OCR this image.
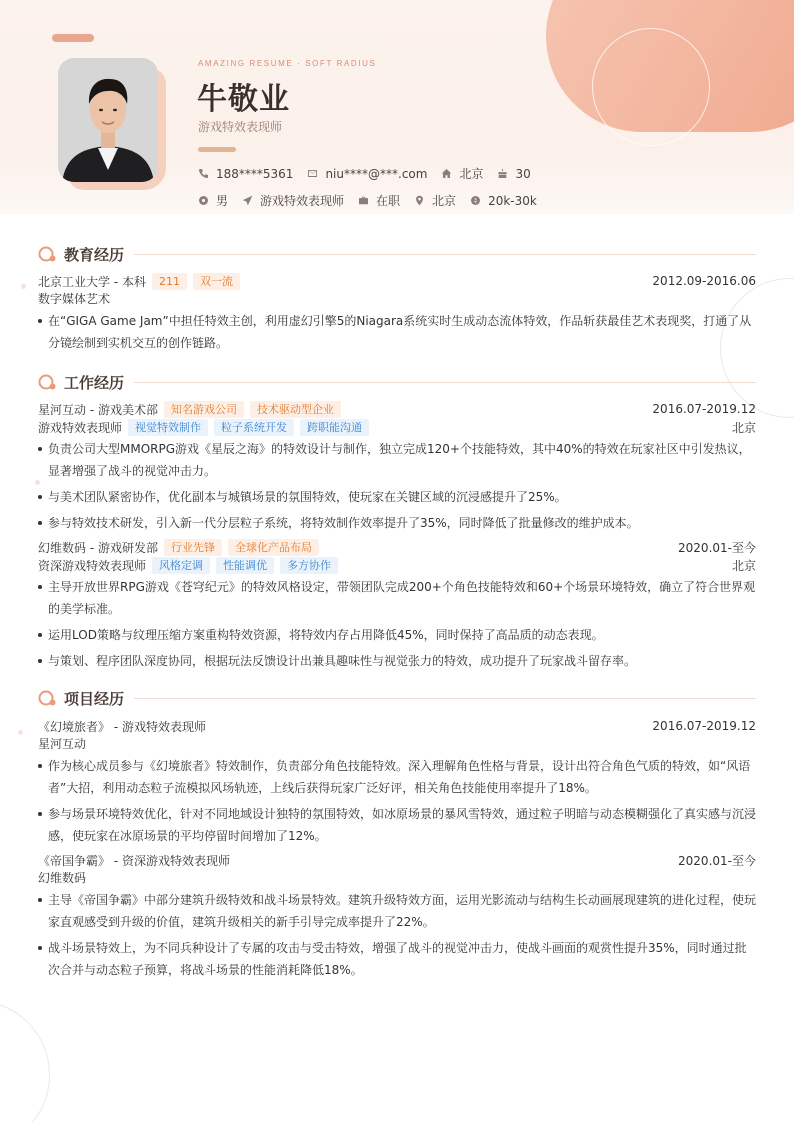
AMAZING RESUME · SOFT RADIUS
牛敬业
游戏特效表现师
188****5361	niu****@***.com	北京	30
男	游戏特效表现师	在职	北京	20k-30k
教育经历
北京工业大学 - 本科	211	双一流	2012.09-2016.06
数字媒体艺术
在“GIGA Game Jam”中担任特效主创，利用虚幻引擎5的Niagara系统实时生成动态流体特效，作品斩获最佳艺术表现奖，打通了从分镜绘制到实机交互的创作链路。
工作经历
星河互动 - 游戏美术部	知名游戏公司	技术驱动型企业	2016.07-2019.12
游戏特效表现师	视觉特效制作	粒子系统开发	跨职能沟通	北京
负责公司大型MMORPG游戏《星辰之海》的特效设计与制作，独立完成120+个技能特效，其中40%的特效在玩家社区中引发热议，显著增强了战斗的视觉冲击力。
与美术团队紧密协作，优化副本与城镇场景的氛围特效，使玩家在关键区域的沉浸感提升了25%。
参与特效技术研发，引入新一代分层粒子系统，将特效制作效率提升了35%，同时降低了批量修改的维护成本。
幻维数码 - 游戏研发部	行业先锋	全球化产品布局	2020.01-至今
资深游戏特效表现师	风格定调	性能调优	多方协作	北京
主导开放世界RPG游戏《苍穹纪元》的特效风格设定，带领团队完成200+个角色技能特效和60+个场景环境特效，确立了符合世界观的美学标准。
运用LOD策略与纹理压缩方案重构特效资源，将特效内存占用降低45%，同时保持了高品质的动态表现。
与策划、程序团队深度协同，根据玩法反馈设计出兼具趣味性与视觉张力的特效，成功提升了玩家战斗留存率。
项目经历
《幻境旅者》 - 游戏特效表现师	2016.07-2019.12
星河互动
作为核心成员参与《幻境旅者》特效制作，负责部分角色技能特效。深入理解角色性格与背景，设计出符合角色气质的特效，如“风语者”大招，利用动态粒子流模拟风场轨迹，上线后获得玩家广泛好评，相关角色技能使用率提升了18%。
参与场景环境特效优化，针对不同地域设计独特的氛围特效，如冰原场景的暴风雪特效，通过粒子明暗与动态模糊强化了真实感与沉浸感，使玩家在冰原场景的平均停留时间增加了12%。
《帝国争霸》 - 资深游戏特效表现师	2020.01-至今
幻维数码
主导《帝国争霸》中部分建筑升级特效和战斗场景特效。建筑升级特效方面，运用光影流动与结构生长动画展现建筑的进化过程，使玩家直观感受到升级的价值，建筑升级相关的新手引导完成率提升了22%。
战斗场景特效上，为不同兵种设计了专属的攻击与受击特效，增强了战斗的视觉冲击力，使战斗画面的观赏性提升35%，同时通过批次合并与动态粒子预算，将战斗场景的性能消耗降低18%。
